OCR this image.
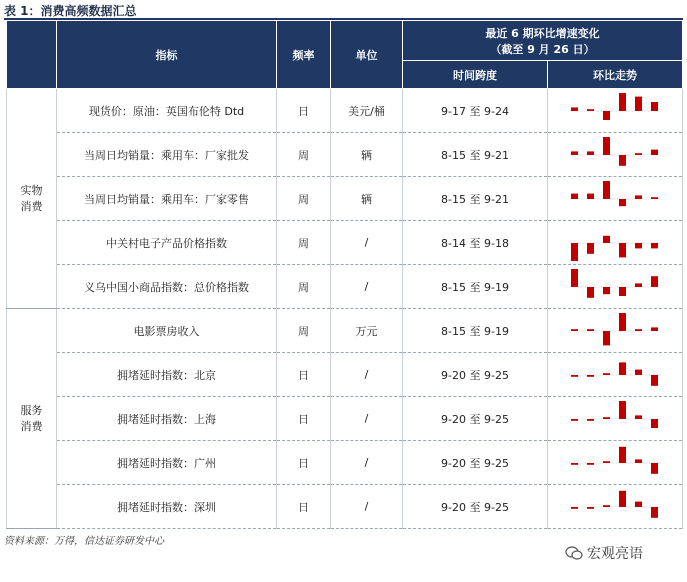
表 1：消费高频数据汇总
	指标	频率	单位	最近 6 期环比增速变化
（截至 9 月 26 日）	

				时间跨度	环比走势
实物
消费	现货价：原油：英国布伦特 Dtd	日	美元/桶	9-17 至 9-24	

	当周日均销量：乘用车：厂家批发	周	辆	8-15 至 9-21	

	当周日均销量：乘用车：厂家零售	周	辆	8-15 至 9-21	

	中关村电子产品价格指数	周	/	8-14 至 9-18	

	义乌中国小商品指数：总价格指数	周	/	8-15 至 9-19	

服务
消费	电影票房收入	周	万元	8-15 至 9-19	

	拥堵延时指数：北京	日	/	9-20 至 9-25	

	拥堵延时指数：上海	日	/	9-20 至 9-25	

	拥堵延时指数：广州	日	/	9-20 至 9-25	

	拥堵延时指数：深圳	日	/	9-20 至 9-25	
资料来源：万得，信达证券研发中心
宏观亮语
